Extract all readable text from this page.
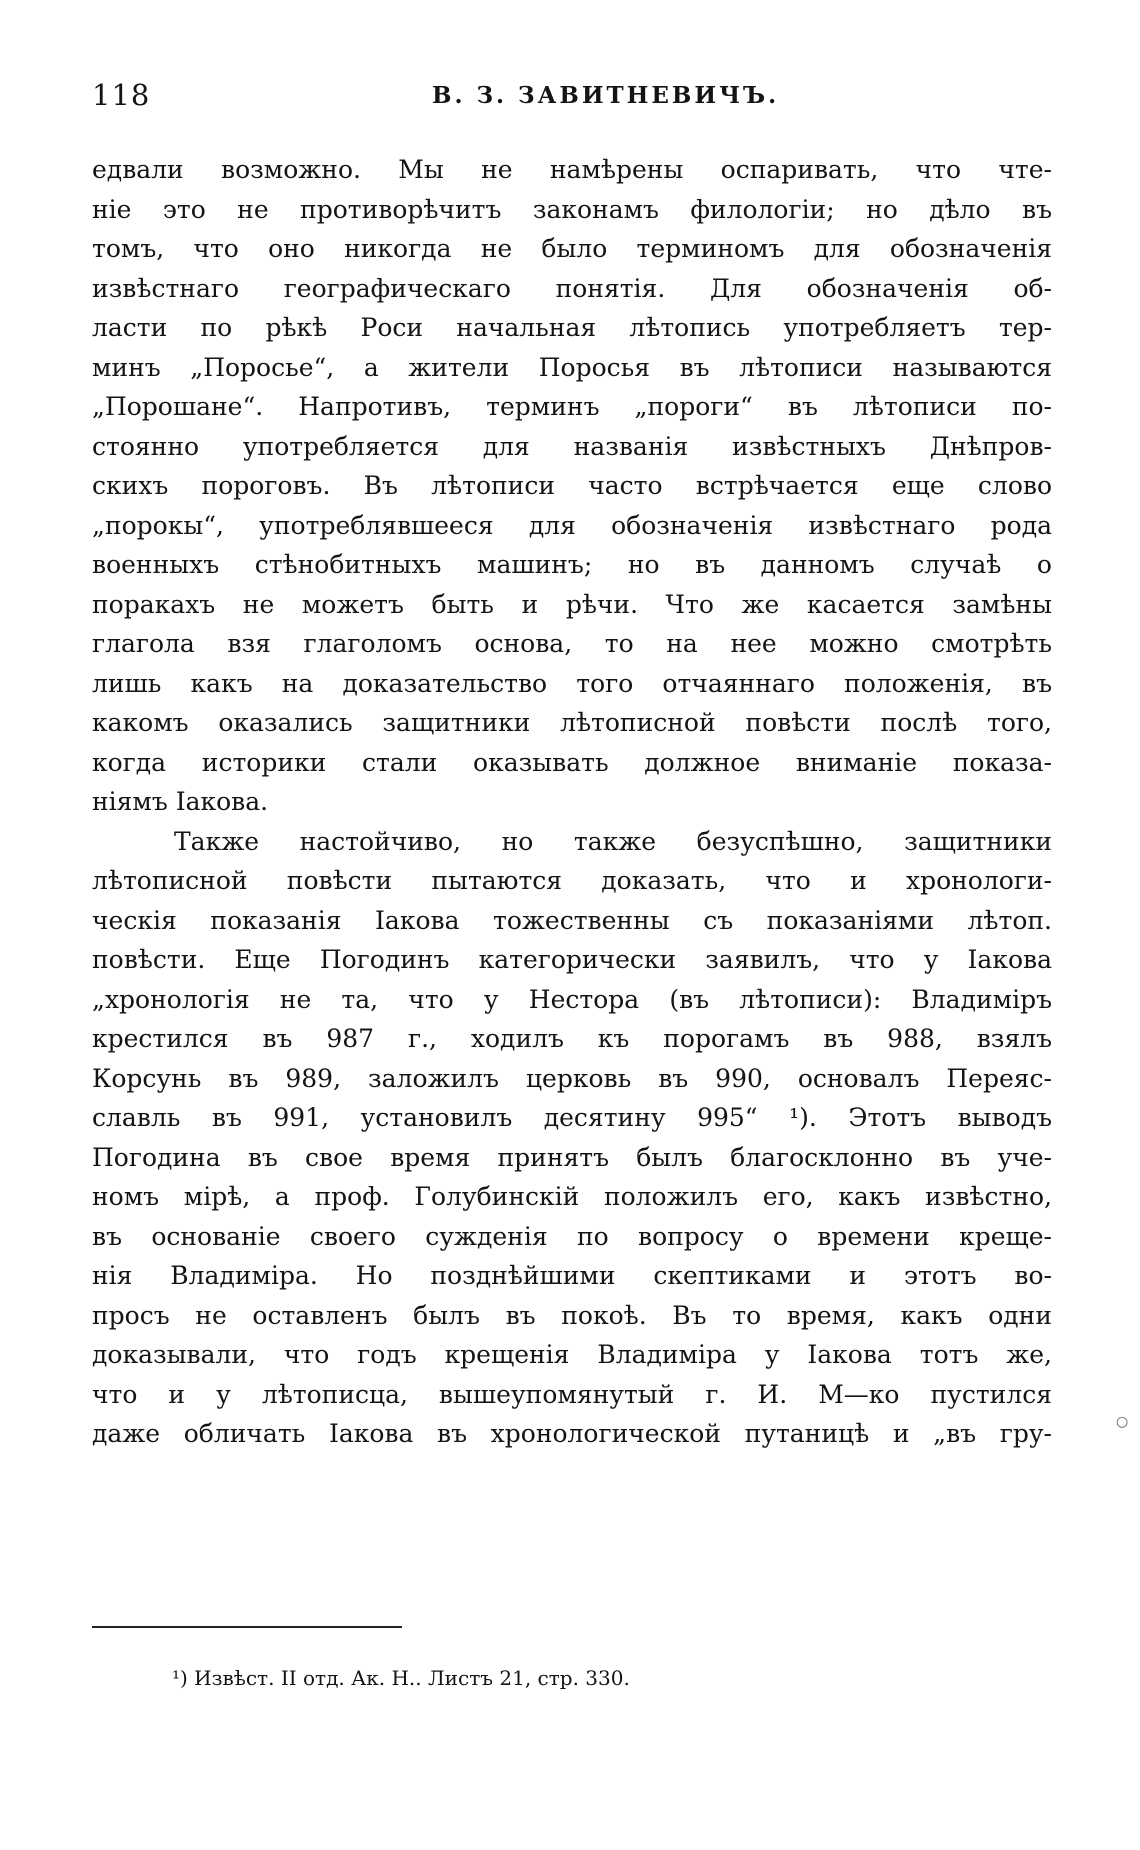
118	В. З. ЗАВИТНЕВИЧЪ.
едвали возможно. Мы не намѣрены оспаривать, что чте-
ніе это не противорѣчитъ законамъ филологіи; но дѣло въ
томъ, что оно никогда не было терминомъ для обозначенія
извѣстнаго географическаго понятія. Для обозначенія об-
ласти по рѣкѣ Роси начальная лѣтопись употребляетъ тер-
минъ „Поросье“, а жители Поросья въ лѣтописи называются
„Порошане“. Напротивъ, терминъ „пороги“ въ лѣтописи по-
стоянно употребляется для названія извѣстныхъ Днѣпров-
скихъ пороговъ. Въ лѣтописи часто встрѣчается еще слово
„порокы“, употреблявшееся для обозначенія извѣстнаго рода
военныхъ стѣнобитныхъ машинъ; но въ данномъ случаѣ о
поракахъ не можетъ быть и рѣчи. Что же касается замѣны
глагола взя глаголомъ основа, то на нее можно смотрѣть
лишь какъ на доказательство того отчаяннаго положенія, въ
какомъ оказались защитники лѣтописной повѣсти послѣ того,
когда историки стали оказывать должное вниманіе показа-
ніямъ Іакова.
Также настойчиво, но также безуспѣшно, защитники
лѣтописной повѣсти пытаются доказать, что и хронологи-
ческія показанія Іакова тожественны съ показаніями лѣтоп.
повѣсти. Еще Погодинъ категорически заявилъ, что у Іакова
„хронологія не та, что у Нестора (въ лѣтописи): Владиміръ
крестился въ 987 г., ходилъ къ порогамъ въ 988, взялъ
Корсунь въ 989, заложилъ церковь въ 990, основалъ Переяс-
славль въ 991, установилъ десятину 995“ ¹). Этотъ выводъ
Погодина въ свое время принятъ былъ благосклонно въ уче-
номъ мірѣ, а проф. Голубинскій положилъ его, какъ извѣстно,
въ основаніе своего сужденія по вопросу о времени креще-
нія Владиміра. Но позднѣйшими скептиками и этотъ во-
просъ не оставленъ былъ въ покоѣ. Въ то время, какъ одни
доказывали, что годъ крещенія Владиміра у Іакова тотъ же,
что и у лѣтописца, вышеупомянутый г. И. М—ко пустился
даже обличать Іакова въ хронологической путаницѣ и „въ гру-	○
¹) Извѣст. II отд. Ак. Н.. Листъ 21, стр. 330.
